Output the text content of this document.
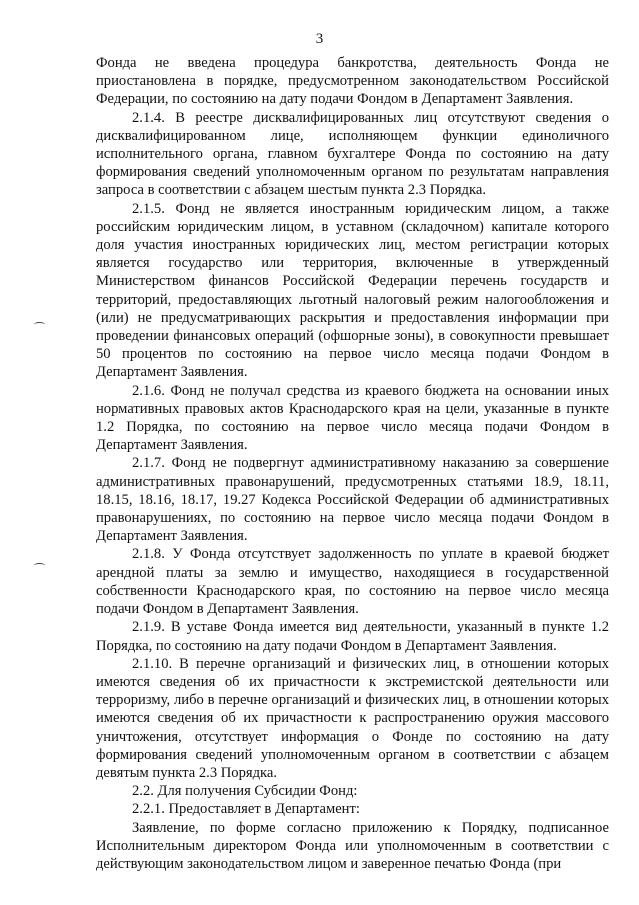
3

Фонда не введена процедура банкротства, деятельность Фонда не приостановлена в порядке, предусмотренном законодательством Российской Федерации, по состоянию на дату подачи Фондом в Департамент Заявления.

2.1.4. В реестре дисквалифицированных лиц отсутствуют сведения о дисквалифицированном лице, исполняющем функции единоличного исполнительного органа, главном бухгалтере Фонда по состоянию на дату формирования сведений уполномоченным органом по результатам направления запроса в соответствии с абзацем шестым пункта 2.3 Порядка.

2.1.5. Фонд не является иностранным юридическим лицом, а также российским юридическим лицом, в уставном (складочном) капитале которого доля участия иностранных юридических лиц, местом регистрации которых является государство или территория, включенные в утвержденный Министерством финансов Российской Федерации перечень государств и территорий, предоставляющих льготный налоговый режим налогообложения и (или) не предусматривающих раскрытия и предоставления информации при проведении финансовых операций (офшорные зоны), в совокупности превышает 50 процентов по состоянию на первое число месяца подачи Фондом в Департамент Заявления.

2.1.6. Фонд не получал средства из краевого бюджета на основании иных нормативных правовых актов Краснодарского края на цели, указанные в пункте 1.2 Порядка, по состоянию на первое число месяца подачи Фондом в Департамент Заявления.

2.1.7. Фонд не подвергнут административному наказанию за совершение административных правонарушений, предусмотренных статьями 18.9, 18.11, 18.15, 18.16, 18.17, 19.27 Кодекса Российской Федерации об административных правонарушениях, по состоянию на первое число месяца подачи Фондом в Департамент Заявления.

2.1.8. У Фонда отсутствует задолженность по уплате в краевой бюджет арендной платы за землю и имущество, находящиеся в государственной собственности Краснодарского края, по состоянию на первое число месяца подачи Фондом в Департамент Заявления.

2.1.9. В уставе Фонда имеется вид деятельности, указанный в пункте 1.2 Порядка, по состоянию на дату подачи Фондом в Департамент Заявления.

2.1.10. В перечне организаций и физических лиц, в отношении которых имеются сведения об их причастности к экстремистской деятельности или терроризму, либо в перечне организаций и физических лиц, в отношении которых имеются сведения об их причастности к распространению оружия массового уничтожения, отсутствует информация о Фонде по состоянию на дату формирования сведений уполномоченным органом в соответствии с абзацем девятым пункта 2.3 Порядка.

2.2. Для получения Субсидии Фонд:

2.2.1. Предоставляет в Департамент:

Заявление, по форме согласно приложению к Порядку, подписанное Исполнительным директором Фонда или уполномоченным в соответствии с действующим законодательством лицом и заверенное печатью Фонда (при
